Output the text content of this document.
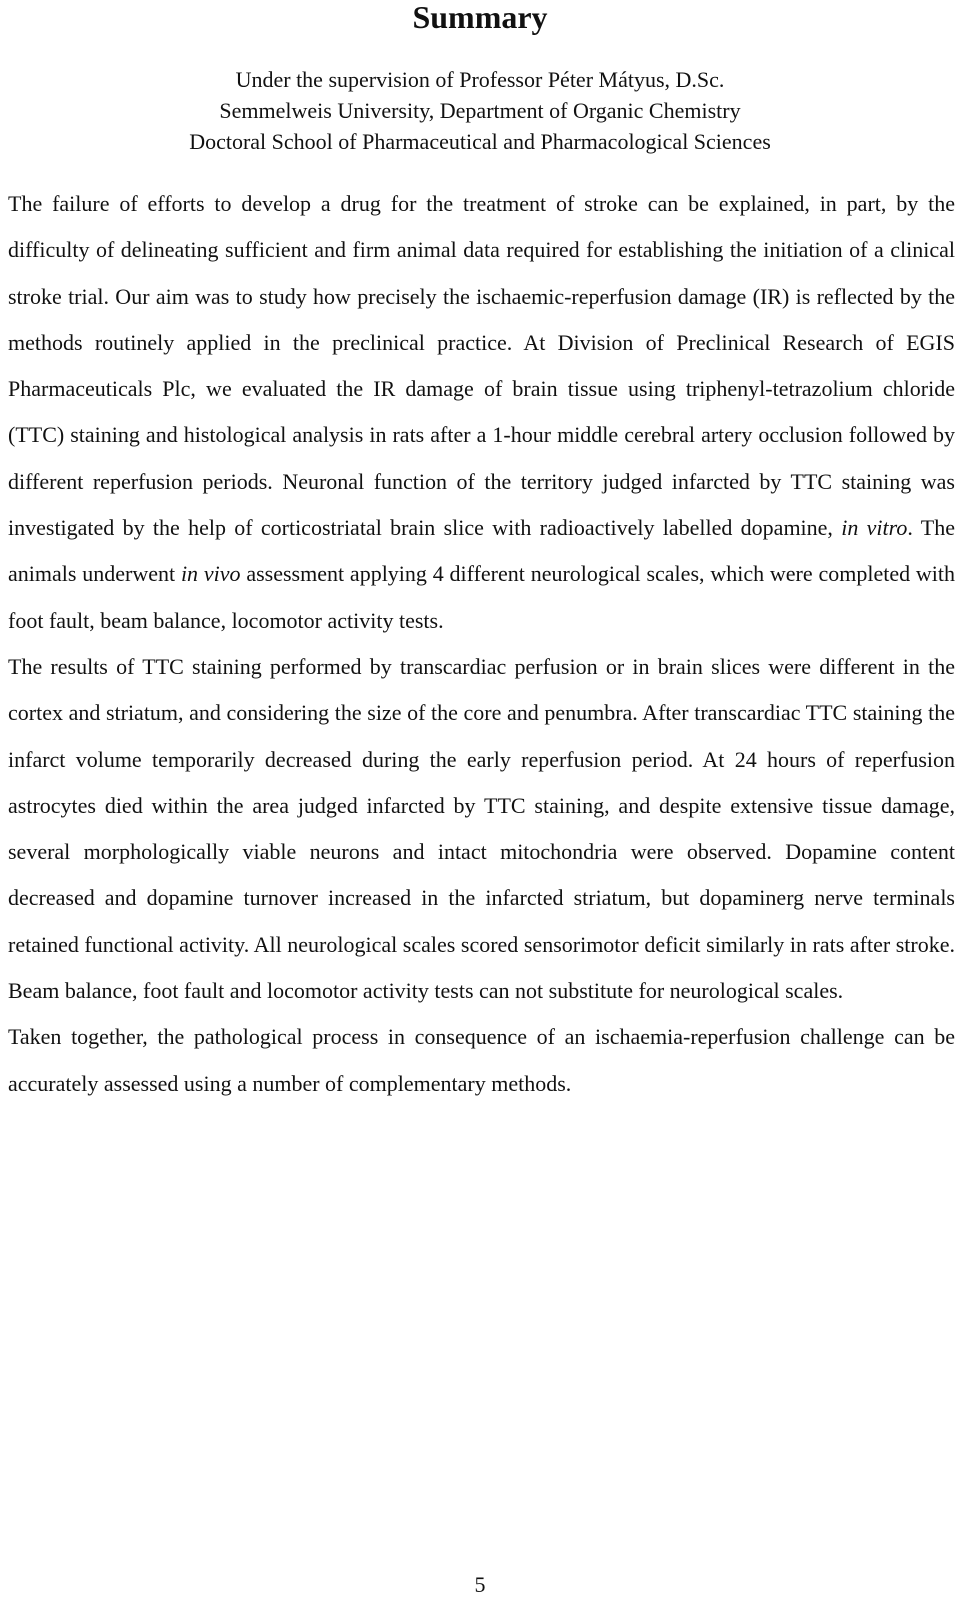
Summary
Under the supervision of Professor Péter Mátyus, D.Sc.
Semmelweis University, Department of Organic Chemistry
Doctoral School of Pharmaceutical and Pharmacological Sciences

The failure of efforts to develop a drug for the treatment of stroke can be explained, in part, by the difficulty of delineating sufficient and firm animal data required for establishing the initiation of a clinical stroke trial. Our aim was to study how precisely the ischaemic-reperfusion damage (IR) is reflected by the methods routinely applied in the preclinical practice. At Division of Preclinical Research of EGIS Pharmaceuticals Plc, we evaluated the IR damage of brain tissue using triphenyl-tetrazolium chloride (TTC) staining and histological analysis in rats after a 1-hour middle cerebral artery occlusion followed by different reperfusion periods. Neuronal function of the territory judged infarcted by TTC staining was investigated by the help of corticostriatal brain slice with radioactively labelled dopamine, in vitro. The animals underwent in vivo assessment applying 4 different neurological scales, which were completed with foot fault, beam balance, locomotor activity tests.

The results of TTC staining performed by transcardiac perfusion or in brain slices were different in the cortex and striatum, and considering the size of the core and penumbra. After transcardiac TTC staining the infarct volume temporarily decreased during the early reperfusion period. At 24 hours of reperfusion astrocytes died within the area judged infarcted by TTC staining, and despite extensive tissue damage, several morphologically viable neurons and intact mitochondria were observed. Dopamine content decreased and dopamine turnover increased in the infarcted striatum, but dopaminerg nerve terminals retained functional activity. All neurological scales scored sensorimotor deficit similarly in rats after stroke. Beam balance, foot fault and locomotor activity tests can not substitute for neurological scales.

Taken together, the pathological process in consequence of an ischaemia-reperfusion challenge can be accurately assessed using a number of complementary methods.

5
